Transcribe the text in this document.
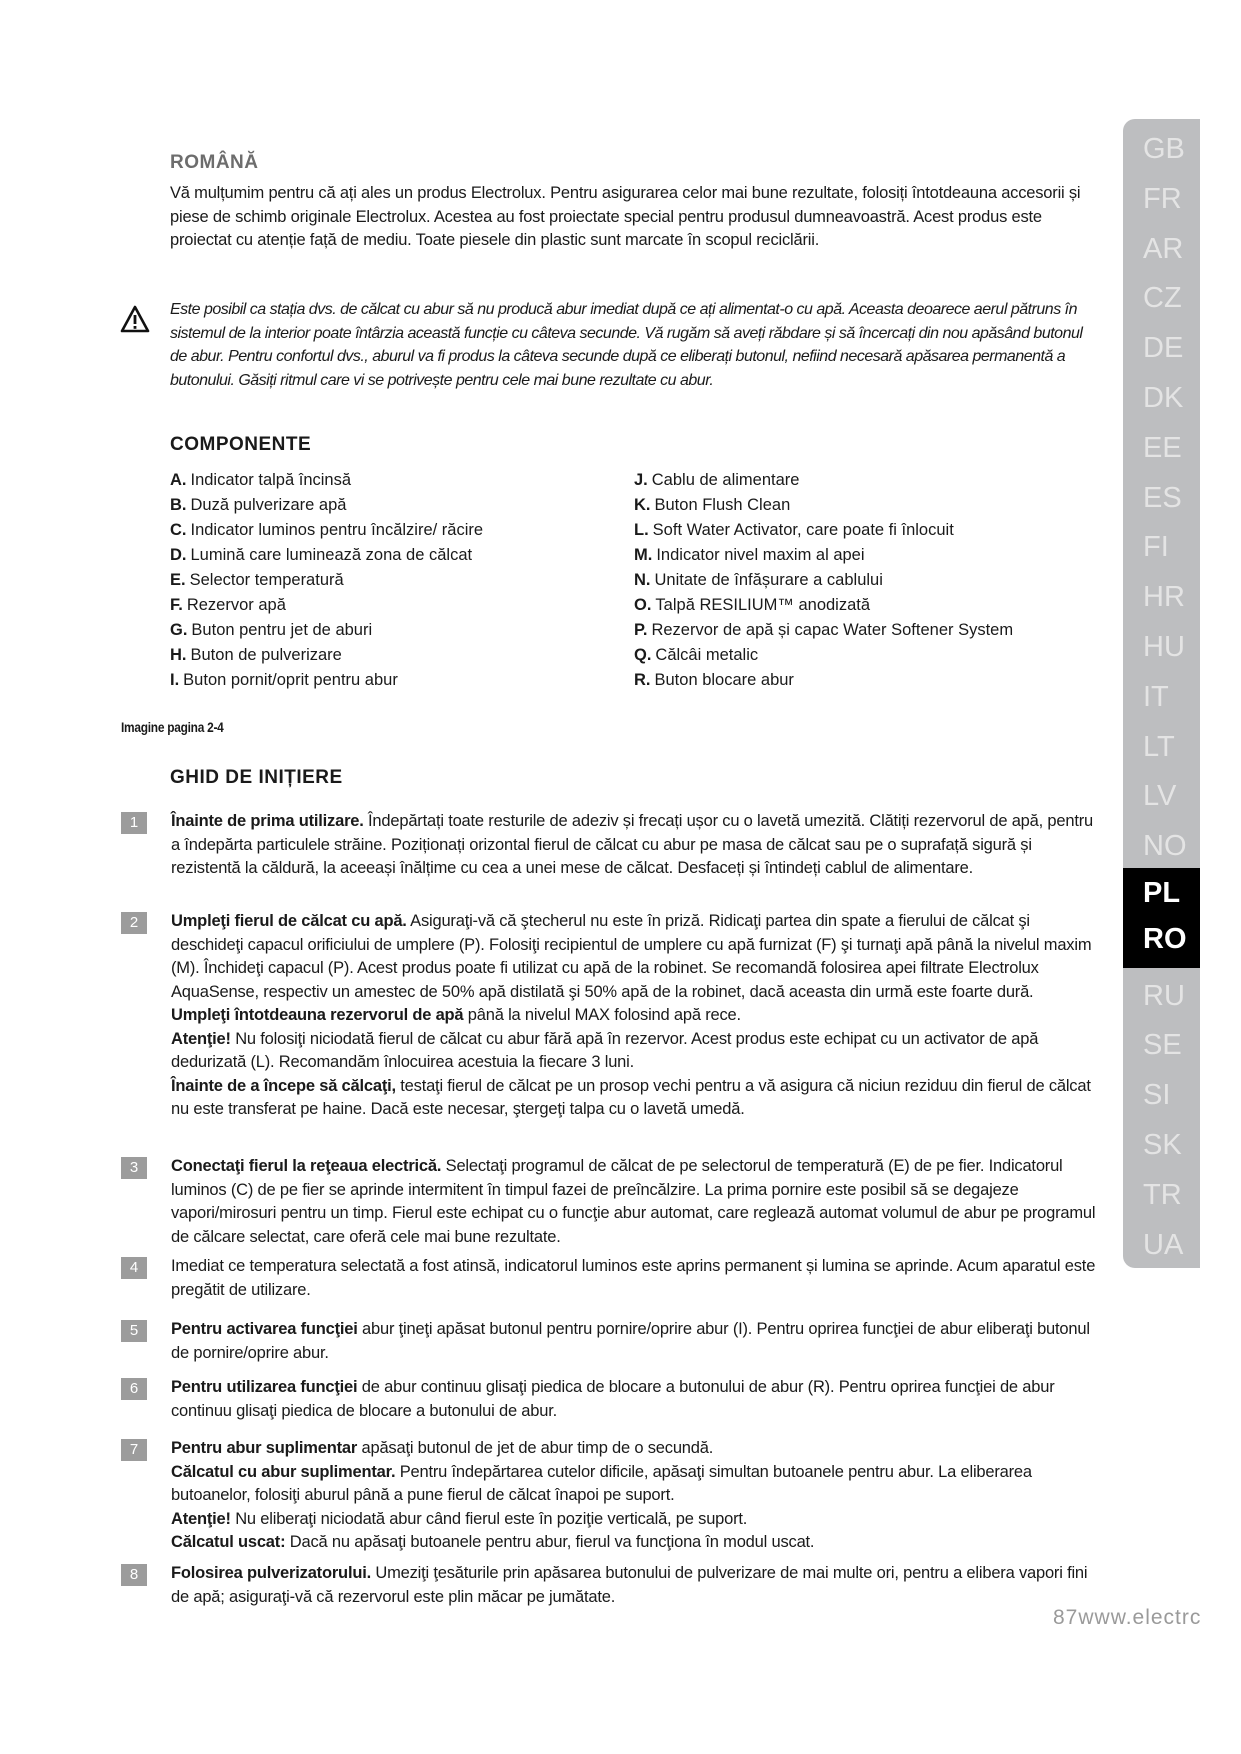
ROMÂNĂ
Vă mulțumim pentru că ați ales un produs Electrolux. Pentru asigurarea celor mai bune rezultate, folosiți întotdeauna accesorii și piese de schimb originale Electrolux. Acestea au fost proiectate special pentru produsul dumneavoastră. Acest produs este proiectat cu atenție față de mediu. Toate piesele din plastic sunt marcate în scopul reciclării.
Este posibil ca stația dvs. de călcat cu abur să nu producă abur imediat după ce ați alimentat-o cu apă. Aceasta deoarece aerul pătruns în sistemul de la interior poate întârzia această funcție cu câteva secunde. Vă rugăm să aveți răbdare și să încercați din nou apăsând butonul de abur. Pentru confortul dvs., aburul va fi produs la câteva secunde după ce eliberați butonul, nefiind necesară apăsarea permanentă a butonului. Găsiți ritmul care vi se potrivește pentru cele mai bune rezultate cu abur.
COMPONENTE
A. Indicator talpă încinsă
B. Duză pulverizare apă
C. Indicator luminos pentru încălzire/ răcire
D. Lumină care luminează zona de călcat
E. Selector temperatură
F. Rezervor apă
G. Buton pentru jet de aburi
H. Buton de pulverizare
I. Buton pornit/oprit pentru abur
J. Cablu de alimentare
K. Buton Flush Clean
L. Soft Water Activator, care poate fi înlocuit
M. Indicator nivel maxim al apei
N. Unitate de înfășurare a cablului
O. Talpă RESILIUM™ anodizată
P. Rezervor de apă și capac Water Softener System
Q. Călcâi metalic
R. Buton blocare abur
Imagine pagina 2-4
GHID DE INIȚIERE
1	Înainte de prima utilizare. Îndepărtați toate resturile de adeziv și frecați ușor cu o lavetă umezită. Clătiți rezervorul de apă, pentru a îndepărta particulele străine. Poziționați orizontal fierul de călcat cu abur pe masa de călcat sau pe o suprafață sigură și rezistentă la căldură, la aceeași înălțime cu cea a unei mese de călcat. Desfaceți și întindeți cablul de alimentare.
2	Umpleţi fierul de călcat cu apă. Asiguraţi-vă că ştecherul nu este în priză. Ridicaţi partea din spate a fierului de călcat şi deschideţi capacul orificiului de umplere (P). Folosiţi recipientul de umplere cu apă furnizat (F) şi turnaţi apă până la nivelul maxim (M). Închideţi capacul (P). Acest produs poate fi utilizat cu apă de la robinet. Se recomandă folosirea apei filtrate Electrolux AquaSense, respectiv un amestec de 50% apă distilată şi 50% apă de la robinet, dacă aceasta din urmă este foarte dură.
Umpleţi întotdeauna rezervorul de apă până la nivelul MAX folosind apă rece.
Atenţie! Nu folosiţi niciodată fierul de călcat cu abur fără apă în rezervor. Acest produs este echipat cu un activator de apă dedurizată (L). Recomandăm înlocuirea acestuia la fiecare 3 luni.
Înainte de a începe să călcaţi, testaţi fierul de călcat pe un prosop vechi pentru a vă asigura că niciun reziduu din fierul de călcat nu este transferat pe haine. Dacă este necesar, ştergeţi talpa cu o lavetă umedă.
3	Conectaţi fierul la reţeaua electrică. Selectaţi programul de călcat de pe selectorul de temperatură (E) de pe fier. Indicatorul luminos (C) de pe fier se aprinde intermitent în timpul fazei de preîncălzire. La prima pornire este posibil să se degajeze vapori/mirosuri pentru un timp. Fierul este echipat cu o funcţie abur automat, care reglează automat volumul de abur pe programul de călcare selectat, care oferă cele mai bune rezultate.
4	Imediat ce temperatura selectată a fost atinsă, indicatorul luminos este aprins permanent și lumina se aprinde. Acum aparatul este pregătit de utilizare.
5	Pentru activarea funcţiei abur ţineţi apăsat butonul pentru pornire/oprire abur (I). Pentru oprirea funcţiei de abur eliberaţi butonul de pornire/oprire abur.
6	Pentru utilizarea funcţiei de abur continuu glisaţi piedica de blocare a butonului de abur (R). Pentru oprirea funcţiei de abur continuu glisaţi piedica de blocare a butonului de abur.
7	Pentru abur suplimentar apăsaţi butonul de jet de abur timp de o secundă.
Călcatul cu abur suplimentar. Pentru îndepărtarea cutelor dificile, apăsaţi simultan butoanele pentru abur. La eliberarea butoanelor, folosiţi aburul până a pune fierul de călcat înapoi pe suport.
Atenţie! Nu eliberaţi niciodată abur când fierul este în poziţie verticală, pe suport.
Călcatul uscat: Dacă nu apăsaţi butoanele pentru abur, fierul va funcţiona în modul uscat.
8	Folosirea pulverizatorului. Umeziţi ţesăturile prin apăsarea butonului de pulverizare de mai multe ori, pentru a elibera vapori fini de apă; asiguraţi-vă că rezervorul este plin măcar pe jumătate.
GB
FR
AR
CZ
DE
DK
EE
ES
FI
HR
HU
IT
LT
LV
NO
PL
RO
RU
SE
SI
SK
TR
UA
87www.electrc
